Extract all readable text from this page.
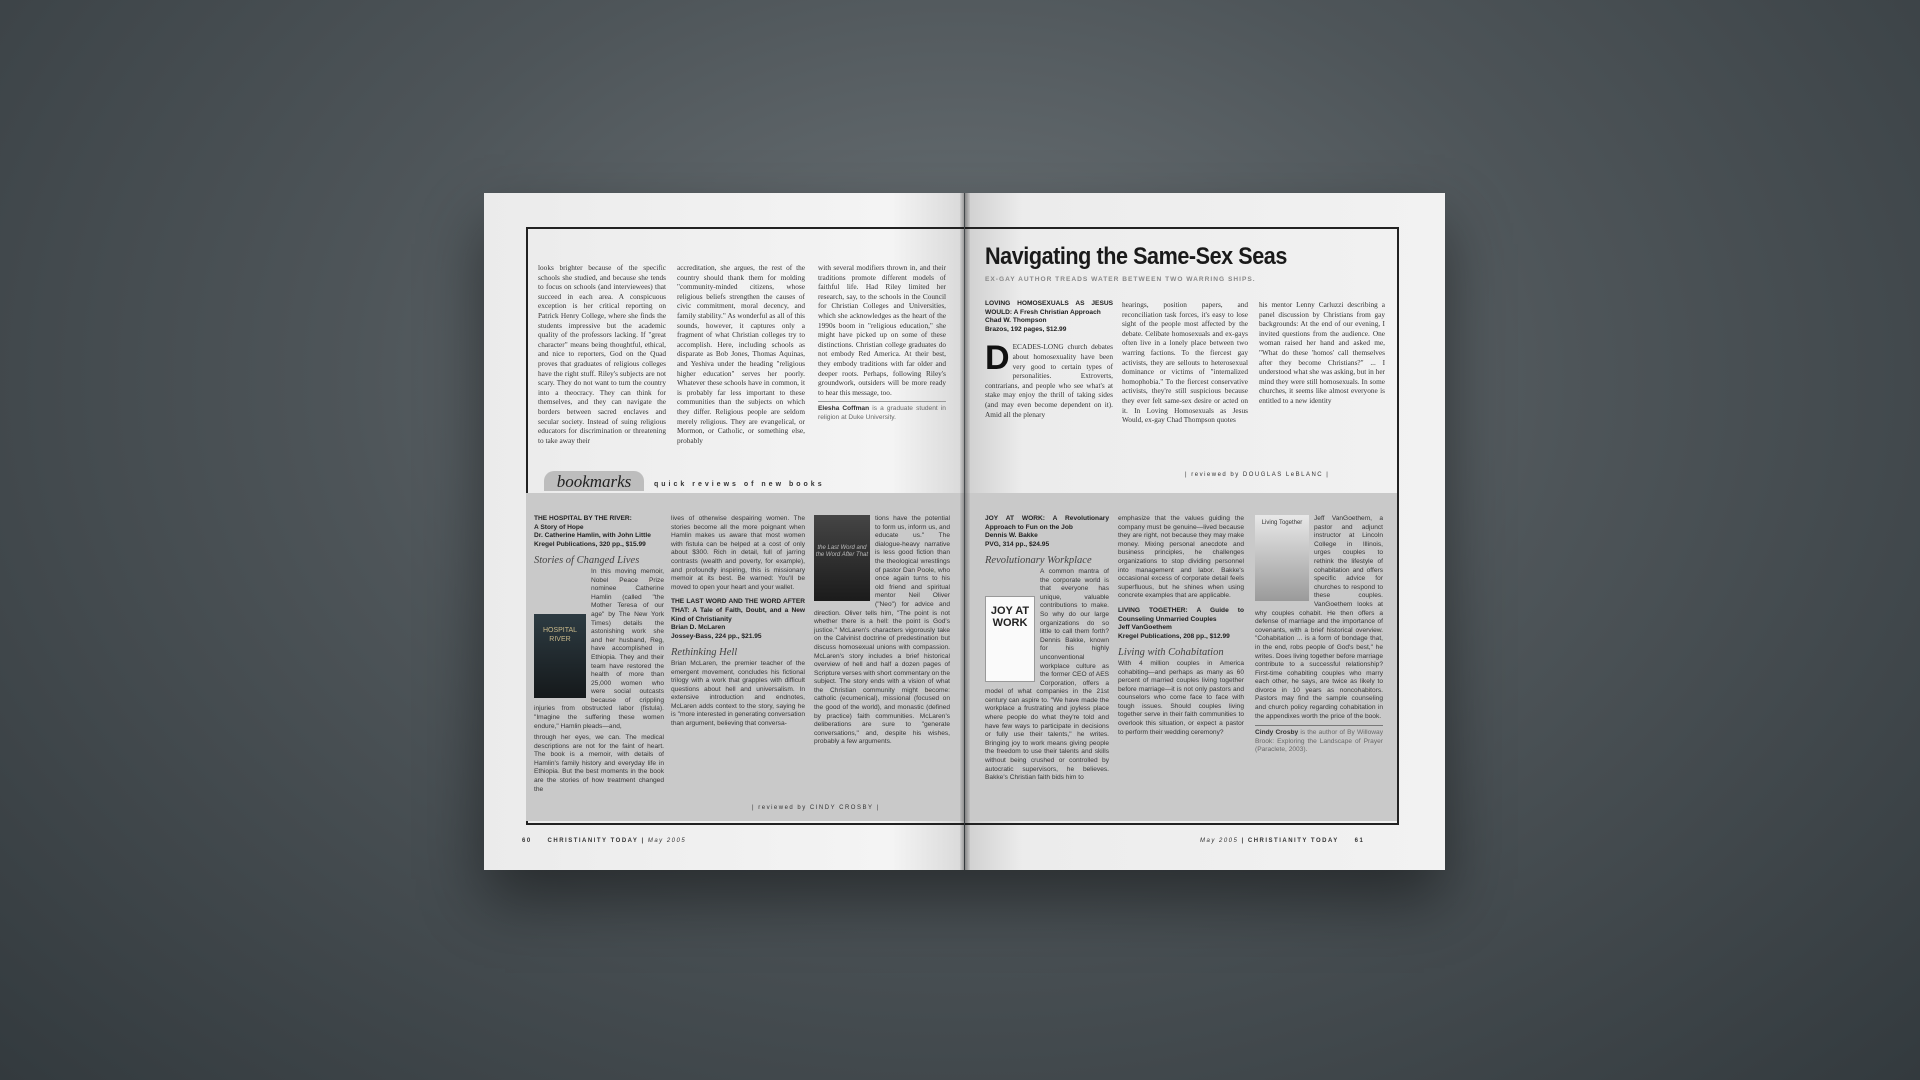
looks brighter because of the specific schools she studied, and because she tends to focus on schools (and interviewees) that succeed in each area. A conspicuous exception is her critical reporting on Patrick Henry College, where she finds the students impressive but the academic quality of the professors lacking. If "great character" means being thoughtful, ethical, and nice to reporters, God on the Quad proves that graduates of religious colleges have the right stuff. Riley's subjects are not scary. They do not want to turn the country into a theocracy. They can think for themselves, and they can navigate the borders between sacred enclaves and secular society. Instead of suing religious educators for discrimination or threatening to take away their

accreditation, she argues, the rest of the country should thank them for molding "community-minded citizens, whose religious beliefs strengthen the causes of civic commitment, moral decency, and family stability." As wonderful as all of this sounds, however, it captures only a fragment of what Christian colleges try to accomplish. Here, including schools as disparate as Bob Jones, Thomas Aquinas, and Yeshiva under the heading "religious higher education" serves her poorly. Whatever these schools have in common, it is probably far less important to these communities than the subjects on which they differ. Religious people are seldom merely religious. They are evangelical, or Mormon, or Catholic, or something else, probably

with several modifiers thrown in, and their traditions promote different models of faithful life. Had Riley limited her research, say, to the schools in the Council for Christian Colleges and Universities, which she acknowledges as the heart of the 1990s boom in "religious education," she might have picked up on some of these distinctions. Christian college graduates do not embody Red America. At their best, they embody traditions with far older and deeper roots. Perhaps, following Riley's groundwork, outsiders will be more ready to hear this message, too.

Elesha Coffman is a graduate student in religion at Duke University.
bookmarks	quick reviews of new books
THE HOSPITAL BY THE RIVER:
A Story of Hope
Dr. Catherine Hamlin, with John Little
Kregel Publications, 320 pp., $15.99
Stories of Changed Lives
HOSPITAL RIVER
In this moving memoir, Nobel Peace Prize nominee Catherine Hamlin (called "the Mother Teresa of our age" by The New York Times) details the astonishing work she and her husband, Reg, have accomplished in Ethiopia. They and their team have restored the health of more than 25,000 women who were social outcasts because of crippling injuries from obstructed labor (fistula). "Imagine the suffering these women endure," Hamlin pleads—and,
through her eyes, we can. The medical descriptions are not for the faint of heart. The book is a memoir, with details of Hamlin's family history and everyday life in Ethiopia. But the best moments in the book are the stories of how treatment changed the
lives of otherwise despairing women. The stories become all the more poignant when Hamlin makes us aware that most women with fistula can be helped at a cost of only about $300. Rich in detail, full of jarring contrasts (wealth and poverty, for example), and profoundly inspiring, this is missionary memoir at its best. Be warned: You'll be moved to open your heart and your wallet.
THE LAST WORD AND THE WORD AFTER THAT: A Tale of Faith, Doubt, and a New Kind of Christianity
Brian D. McLaren
Jossey-Bass, 224 pp., $21.95
Rethinking Hell
Brian McLaren, the premier teacher of the emergent movement, concludes his fictional trilogy with a work that grapples with difficult questions about hell and universalism. In extensive introduction and endnotes, McLaren adds context to the story, saying he is "more interested in generating conversation than argument, believing that conversa-
the Last Word and the Word After That
tions have the potential to form us, inform us, and educate us." The dialogue-heavy narrative is less good fiction than the theological wrestlings of pastor Dan Poole, who once again turns to his old friend and spiritual mentor Neil Oliver ("Neo") for advice and direction. Oliver tells him, "The point is not whether there is a hell: the point is God's justice." McLaren's characters vigorously take on the Calvinist doctrine of predestination but discuss homosexual unions with compassion. McLaren's story includes a brief historical overview of hell and half a dozen pages of Scripture verses with short commentary on the subject. The story ends with a vision of what the Christian community might become: catholic (ecumenical), missional (focused on the good of the world), and monastic (defined by practice) faith communities. McLaren's deliberations are sure to "generate conversations," and, despite his wishes, probably a few arguments.
| reviewed by CINDY CROSBY |
60	CHRISTIANITY TODAY | May 2005
Navigating the Same-Sex Seas
EX-GAY AUTHOR TREADS WATER BETWEEN TWO WARRING SHIPS.
LOVING HOMOSEXUALS AS JESUS WOULD: A Fresh Christian Approach
Chad W. Thompson
Brazos, 192 pages, $12.99

DECADES-LONG church debates about homosexuality have been very good to certain types of personalities. Extroverts, contrarians, and people who see what's at stake may enjoy the thrill of taking sides (and may even become dependent on it). Amid all the plenary

hearings, position papers, and reconciliation task forces, it's easy to lose sight of the people most affected by the debate. Celibate homosexuals and ex-gays often live in a lonely place between two warring factions. To the fiercest gay activists, they are sellouts to heterosexual dominance or victims of "internalized homophobia." To the fiercest conservative activists, they're still suspicious because they ever felt same-sex desire or acted on it. In Loving Homosexuals as Jesus Would, ex-gay Chad Thompson quotes

his mentor Lenny Carluzzi describing a panel discussion by Christians from gay backgrounds: At the end of our evening, I invited questions from the audience. One woman raised her hand and asked me, "What do these 'homos' call themselves after they become Christians?" ... I understood what she was asking, but in her mind they were still homosexuals. In some churches, it seems like almost everyone is entitled to a new identity

| reviewed by DOUGLAS LeBLANC |
JOY AT WORK: A Revolutionary Approach to Fun on the Job
Dennis W. Bakke
PVG, 314 pp., $24.95
Revolutionary Workplace
JOY AT WORK
A common mantra of the corporate world is that everyone has unique, valuable contributions to make. So why do our large organizations do so little to call them forth? Dennis Bakke, known for his highly unconventional workplace culture as the former CEO of AES Corporation, offers a model of what companies in the 21st century can aspire to. "We have made the workplace a frustrating and joyless place where people do what they're told and have few ways to participate in decisions or fully use their talents," he writes. Bringing joy to work means giving people the freedom to use their talents and skills without being crushed or controlled by autocratic supervisors, he believes. Bakke's Christian faith bids him to
emphasize that the values guiding the company must be genuine—lived because they are right, not because they may make money. Mixing personal anecdote and business principles, he challenges organizations to stop dividing personnel into management and labor. Bakke's occasional excess of corporate detail feels superfluous, but he shines when using concrete examples that are applicable.
LIVING TOGETHER: A Guide to Counseling Unmarried Couples
Jeff VanGoethem
Kregel Publications, 208 pp., $12.99
Living with Cohabitation
With 4 million couples in America cohabiting—and perhaps as many as 60 percent of married couples living together before marriage—it is not only pastors and counselors who come face to face with tough issues. Should couples living together serve in their faith communities to overlook this situation, or expect a pastor to perform their wedding ceremony?
Living Together
Jeff VanGoethem, a pastor and adjunct instructor at Lincoln College in Illinois, urges couples to rethink the lifestyle of cohabitation and offers specific advice for churches to respond to these couples. VanGoethem looks at why couples cohabit. He then offers a defense of marriage and the importance of covenants, with a brief historical overview. "Cohabitation ... is a form of bondage that, in the end, robs people of God's best," he writes. Does living together before marriage contribute to a successful relationship? First-time cohabiting couples who marry each other, he says, are twice as likely to divorce in 10 years as noncohabitors. Pastors may find the sample counseling and church policy regarding cohabitation in the appendixes worth the price of the book.
Cindy Crosby is the author of By Willoway Brook: Exploring the Landscape of Prayer (Paraclete, 2003).
May 2005 | CHRISTIANITY TODAY	61
